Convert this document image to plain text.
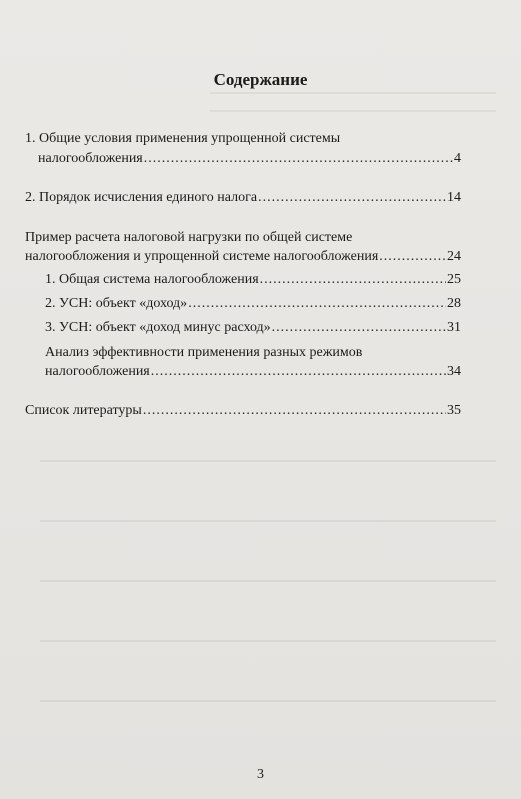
Содержание
1. Общие условия применения упрощенной системы
налогообложения .....	4
2. Порядок исчисления единого налога .....	14
Пример расчета налоговой нагрузки по общей системе
налогообложения и упрощенной системе налогообложения .....	24
1. Общая система налогообложения .....	25
2. УСН: объект «доход» .....	28
3. УСН: объект «доход минус расход» .....	31
Анализ эффективности применения разных режимов
налогообложения .....	34
Список литературы .....	35
3
